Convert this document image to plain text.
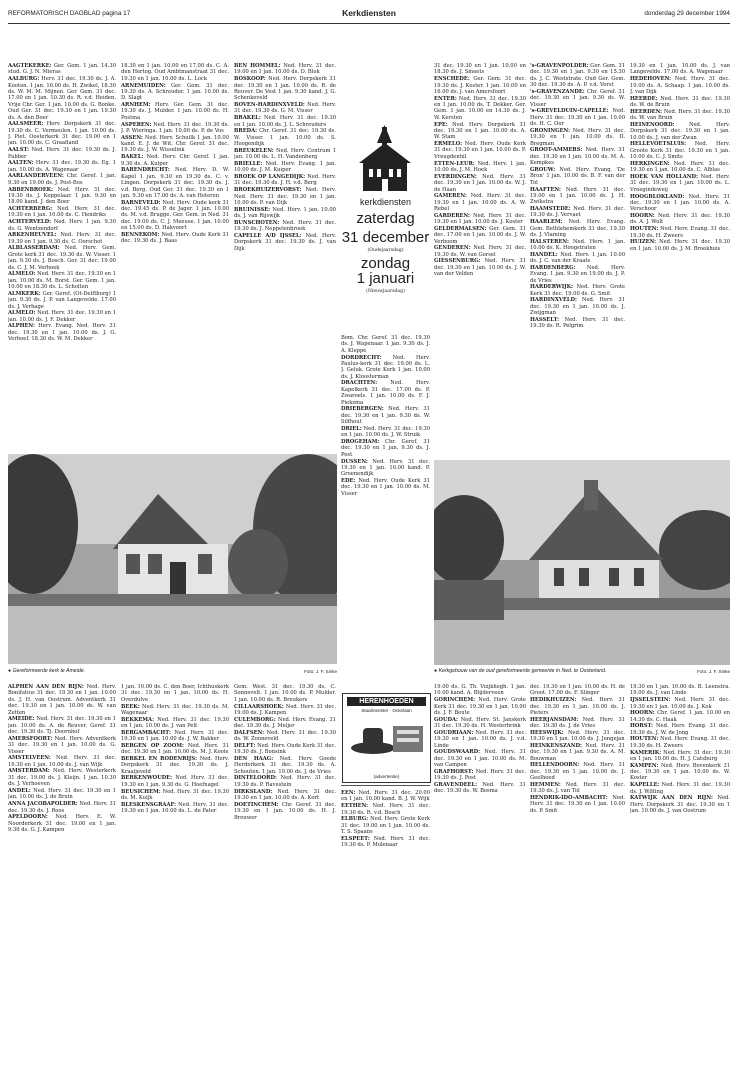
REFORMATORISCH DAGBLAD pagina 17	Kerkdiensten	donderdag 29 december 1994

AAGTEKERKE: Ger. Gem. 1 jan. 14.30 stud. G. J. N. Mieras

AALBURG: Herv. 31 dec. 19.30 ds. J. A. Kooten. 1 jan. 10.00 ds. H. Zwikel, 18.30 ds. W. M. M. Mijnen. Ger. Gem. 31 dec. 17.00 en 1 jan. 10.30 ds. R. v.d. Heiden. Vrije Chr. Ger. 1 jan. 10.00 ds. G. Bonke. Oud Ger. 31 dec. 19.30 en 1 jan. 19.30 ds. A. den Boer

AALSMEER: Herv. Dorpskerk 31 dec. 19.30 ds. C. Vermeulen. 1 jan. 10.00 ds. J. Piet. Oosterkerk 31 dec. 19.00 en 1 jan. 10.00 ds. C. Graafland

AALST: Ned. Herv. 31 dec. 19.30 ds. J. Fabber

AALTEN: Herv. 31 dec. 19.30 ds. Eg. 1 jan. 10.00 ds. A. Wagenaar

AARLANDERVEEN: Chr. Geref. 1 jan. 9.30 en 19.00 ds. J. Post-Bos

ABBENBROEK: Ned. Herv. 31 dec. 19.30 ds. J. Koppelaar. 1 jan. 9.30 en 18.00 kand. J. den Boer

ACHTERBERG: Ned. Herv. 31 dec. 19.30 en 1 jan. 10.00 ds. C. Hendriks

ACHTERVELD: Ned. Herv. 1 jan. 9.30 ds. G. Wentzendorf

ARKENHEUVEL: Ned. Herv. 31 dec. 19.30 en 1 jan. 9.30 ds. C. Oorschot

ALBLASSERDAM: Ned. Herv. Gem. Grote kerk 31 dec. 19.30 ds. W. Visser. 1 jan. 9.30 ds. J. Bosch. Ger. 31 dec. 19.00 ds. C. J. M. Verhoek

ALMELO: Ned. Herv. 31 dec. 19.30 en 1 jan. 10.00 ds. M. Borst. Ger. Gem. 1 jan. 10.00 en 18.30 ds. L. Scholten

ALMKERK: Ger. Geref. (Ot-Delftburg) 1 jan. 9.30 ds. J. P. van Langevelde. 17.00 ds. J. Verhage

ALMELO: Ned. Herv. 31 dec. 19.30 en 1 jan. 10.00 ds. J. F. Dekker

ALPHEN: Herv. Evang. Ned. Herv. 31 dec. 19.30 en 1 jan. 10.00 ds. J. G. Verhoef. 18.30 ds. W. M. Dekker

18.30 en 1 jan. 10.00 en 17.00 ds. C. A. den Hertog. Oud Ambtmanstraat 31 dec. 19.30 en 1 jan. 10.00 ds. L. Lock

ARNEMUIDEN: Ger. Gem. 31 dec. 19.30 ds. A. Schreuder. 1 jan. 10.00 ds. D. Slagt

ARNHEM: Herv. Ger. Gem. 31 dec. 19.30 ds. J. Mulder. 1 jan. 10.00 ds. H. Postma

ASPEREN: Ned. Herv. 31 dec. 19.30 ds. J. P. Wieringa. 1 jan. 10.00 ds. P. de Vos

ASSEN: Ned. Herv. Schuilk 1 jan. 10.00 kand. E. J. de Wit. Chr. Geref. 31 dec. 19.30 ds. J. W. Wisselink

BAKEL: Ned. Herv. Chr. Geref. 1 jan. 9.30 ds. A. Kuiper

BARENDRECHT: Ned. Herv. D. W. Kapel 1 jan. 9.30 en 19.30 ds. C. v. Lingen. Dorpskerk 31 dec. 19.30 ds. J. v.d. Berg. Oud Ger. 31 dec. 19.30 en 1 jan. 9.30 en 17.00 ds. A. van Heteren

BARNEVELD: Ned. Herv. Oude kerk 31 dec. 19.45 ds. P. de Jager. 1 jan. 10.00 ds. M. v.d. Brugge. Ger. Gem. in Ned. 31 dec. 19.00 ds. C. J. Meeuse. 1 jan. 10.00 en 15.00 ds. D. Hakvoort

BENNEKOM: Ned. Herv. Oude Kerk 31 dec. 19.30 ds. J. Baas

BEN HOMMEL: Ned. Herv. 31 dec. 19.00 en 1 jan. 10.00 ds. D. Blok

BOSKOOP: Ned. Herv. Dorpskerk 31 dec. 19.30 en 1 jan. 10.00 ds. R. de Reuver. De Vest 1 jan. 9.30 kand. J. G. Schenkeveld

BOVEN-HARDINXVELD: Ned. Herv. 31 dec. 19.30 ds. G. M. Visser

BRAKEL: Ned. Herv. 31 dec. 19.30 en 1 jan. 10.00 ds. J. L. Schreuders

BREDA: Chr. Geref. 31 dec. 19.30 ds. W. Visser. 1 jan. 10.00 ds. S. Hoogendijk

BREUKELEN: Ned. Herv. Centrum 1 jan. 10.00 ds. L. H. Vandenberg

BRIELLE: Ned. Herv. Evang. 1 jan. 10.00 ds. J. M. Kuiper

BROEK OP LANGEDIJK: Ned. Herv. 31 dec. 19.30 ds. J. H. v.d. Berg

BROEKHUIZERVORST: Ned. Herv. Ned. Herv. 31 dec. 19.30 en 1 jan. 10.00 ds. P. van Dijk

BRUINISSE: Ned. Herv. 1 jan. 10.00 ds. J. van Rijswijk

BUNSCHOTEN: Ned. Herv. 31 dec. 19.30 ds. J. Neppelenbroek

CAPELLE A/D IJSSEL: Ned. Herv. Dorpskerk 31 dec. 19.30 ds. J. van Dijk

Bom. Chr. Geref. 31 dec. 19.30 ds. J. Wapenaar. 1 jan. 9.30 ds. J. A. Kleppe

DORDRECHT: Ned. Herv. Paulus-kerk 31 dec. 19.00 ds. L. J. Geluk. Grote Kerk 1 jan. 10.00 ds. J. Kloosterman

DRACHTEN:	Ned. Herv. Kapelkerk 31 dec. 17.00 ds. P. Zwaroels. 1 jan. 10.00 ds. F. J. Pieksma

DRIEBERGEN: Ned. Herv. 31 dec. 19.30 en 1 jan. 9.30 ds. W. Silfhout

DRIEL: Ned. Herv. 31 dec. 19.30 en 1 jan. 10.00 ds. J. W. Struik

DROGEHAM: Chr. Geref. 31 dec. 19.30 en 1 jan. 9.30 ds. J. Post

DUSSEN: Ned. Herv. 31 dec. 19.30 en 1 jan. 10.00 kand. P. Groenendijk

EDE: Ned. Herv. Oude Kerk 31 dec. 19.30 en 1 jan. 10.00 ds. M. Visser

31 dec. 19.30 en 1 jan. 10.00 en 18.30 ds. J. Smeets

ENSCHEDE: Ger. Gem. 31 dec. 19.30 ds. J. Koster. 1 jan. 10.00 en 16.00 ds. J. van Amersfoort

ENTER: Ned. Herv. 31 dec. 19.30 en 1 jan. 10.00 ds. T. Dekker. Ger. Gem. 1 jan. 10.00 en 14.30 ds. J. W. Kersten

EPE: Ned. Herv. Dorpskerk 31 dec. 19.30 en 1 jan. 10.00 ds. A. W. Stam

ERMELO: Ned. Herv. Oude Kerk 31 dec. 19.30 en 1 jan. 10.00 ds. P. Vreugdenhil

ETTEN-LEUR: Ned. Herv. 1 jan. 10.00 ds. J. M. Hoek

EVERDINGEN: Ned. Herv. 31 dec. 19.30 en 1 jan. 10.00 ds. W. J. de Haan

GAMEREN: Ned. Herv. 31 dec. 19.30 en 1 jan. 10.00 ds. A. W. Rebel

GARDEREN: Ned. Herv. 31 dec. 19.30 en 1 jan. 10.00 ds. J. Koster

GELDERMALSEN: Ger. Gem. 31 dec. 17.00 en 1 jan. 10.00 ds. J. W. Verboom

GENDEREN: Ned. Herv. 31 dec. 19.30 ds. W. van Gorsel

GIESSENBURG: Ned. Herv. 31 dec. 19.30 en 1 jan. 10.00 ds. J. W. van der Velden

's-GRAVENPOLDER: Ger. Gem. 31 dec. 19.30 en 1 jan. 9.30 en 15.30 ds. J. C. Weststrate. Oud Ger. Gem. 30 dec. 19.30 ds. A. P. v.d. Vorst

's-GRAVENZANDE: Chr. Geref. 31 dec. 19.30 en 1 jan. 9.30 ds. W. Visser

's-GREVELDUIN-CAPELLE: Ned. Herv. 31 dec. 19.30 en 1 jan. 10.00 ds. H. C. Oor

GRONINGEN: Ned. Herv. 31 dec. 19.30 en 1 jan. 10.00 ds. D. Bregman

GROOT-AMMERS: Ned. Herv. 31 dec. 19.30 en 1 jan. 10.00 ds. M. A. Kempkes

GROUW: Ned. Herv. Evang. 'De Bron' 1 jan. 10.00 ds. B. F. van der Tol

HAAFTEN: Ned. Herv. 31 dec. 19.00 en 1 jan. 10.00 ds. J. H. Zwikstra

HAAMSTEDE: Ned. Herv. 31 dec. 19.30 ds. J. Vervaet

HAARLEM: Ned. Herv. Evang. Gem. Bethlehemkerk 31 dec. 19.30 ds. J. Vlaming

HALSTEREN: Ned. Herv. 1 jan. 10.00 ds. K. Hoogstraten

HANDEL: Ned. Herv. 1 jan. 10.00 ds. J. C. van der Kraats

HARDENBERG: Ned. Herv. Evang. 1 jan. 9.30 en 19.00 ds. J. P. de Vries

HARDERWIJK: Ned. Herv. Grote Kerk 31 dec. 19.00 ds. G. Smit

HARDINXVELD: Ned. Herv. 31 dec. 19.30 en 1 jan. 10.00 ds. J. Zwijgman

HASSELT: Ned. Herv. 31 dec. 19.30 ds. R. Pelgrim

19.30 en 1 jan. 10.00 ds. J. van Langevelde. 17.00 ds. A. Wagenaar

HEDEHOVEN: Ned. Herv. 31 dec. 19.00 ds. A. Schaap. 1 jan. 10.00 ds. J. van Dijk

HEERDE: Ned. Herv. 31 dec. 19.30 ds. W. de Bruin

HEERDEN: Ned. Herv. 31 dec. 19.30 ds. W. van Bruin

HEINENOORD:	Ned. Herv. Dorpskerk 31 dec. 19.30 en 1 jan. 10.00 ds. J. van der Zwan

HELLEVOETSLUIS: Ned. Herv. Groote Kerk 31 dec. 19.30 en 1 jan. 10.00 ds. C. J. Smits

HERKINGEN: Ned. Herv. 31 dec. 19.30 en 1 jan. 10.00 ds. C. Alblas

HOEK VAN HOLLAND: Ned. Herv. 31 dec. 19.30 en 1 jan. 10.00 ds. L. Vroegindeweij

HOOGBLOKLAND: Ned. Herv. 31 dec. 19.30 en 1 jan. 10.00 ds. A. Verschoor

HOORN: Ned. Herv. 31 dec. 19.30 ds. A. J. Wolt

HOUTEN: Ned. Herv. Evang. 31 dec. 19.30 ds. H. Zweers

HUIZEN: Ned. Herv. 31 dec. 19.30 en 1 jan. 10.00 ds. J. M. Broekhuis

kerkdiensten
zaterdag
31 december
(Oudejaarsdag)
zondag
1 januari
(Nieuwjaarsdag)
● Gereformeerde kerk te Ameide.	Foto: J. F. Sinke	● Kerkgebouw van de oud gereformeerde gemeente in Ned. te Oosterland.	Foto: J. F. Sinke

ALPHEN AAN DEN RIJN: Ned. Herv. Bonifatius 31 dec. 19.30 en 1 jan. 10.00 ds. J. H. van Oostrum. Adventkerk 31 dec. 19.30 en 1 jan. 10.00 ds. W. van Zetten

AMEIDE: Ned. Herv. 31 dec. 19.30 en 1 jan. 10.00 ds. A. de Reuver. Geref. 31 dec. 19.30 ds. Tj. Doornhof

AMERSFOORT: Ned. Herv. Adventkerk 31 dec. 19.30 en 1 jan. 10.00 ds. G. Visser

AMSTELVEEN: Ned. Herv. 31 dec. 19.30 en 1 jan. 10.00 ds. J. van Wijk

AMSTERDAM: Ned. Herv. Westerkerk 31 dec. 19.00 ds. J. Kleijn. 1 jan. 10.30 ds. J. Verhoeven

ANDEL: Ned. Herv. 31 dec. 19.30 en 1 jan. 10.00 ds. J. de Bruin

ANNA JACOBAPOLDER: Ned. Herv. 31 dec. 19.30 ds. J. Roos

APELDOORN: Ned. Herv. E. W. Noorderkerk 31 dec. 19.00 en 1 jan. 9.30 ds. G. J. Kampen

1 jan. 10.00 ds. C. den Boer, Ichthuskerk 31 dec. 19.30 en 1 jan. 10.00 ds. H. Overdulve

BEEK: Ned. Herv. 31 dec. 19.30 ds. M. Wagenaar

BEKKEMA: Ned. Herv. 31 dec. 19.30 en 1 jan. 10.00 ds. J. van Pelt

BERGAMBACHT: Ned. Herv. 31 dec. 19.30 en 1 jan. 10.00 ds. J. W. Bakker

BERGEN OP ZOOM: Ned. Herv. 31 dec. 19.30 en 1 jan. 10.00 ds. M. J. Koole

BERKEL EN RODENRIJS: Ned. Herv. Dorpskerk 31 dec. 19.30 ds. J. Kraaijeveld

BERKENWOUDE: Ned. Herv. 31 dec. 19.30 en 1 jan. 9.30 ds. G. Hoefnagel

BEUSICHEM: Ned. Herv. 31 dec. 19.30 ds. M. Kuijk

BLESKENSGRAAF: Ned. Herv. 31 dec. 19.30 en 1 jan. 10.00 ds. L. de Pater

Gem. West. 31 dec. 19.30 ds. C. Sonnevelt. 1 jan. 10.00 ds. P. Mulder. 1 jan. 10.00 ds. R. Breukers

CILLAARSHOEK: Ned. Herv. 31 dec. 19.00 ds. J. Kampen

CULEMBORG: Ned. Herv. Evang. 31 dec. 19.30 ds. J. Meijer

DALFSEN: Ned. Herv. 31 dec. 19.30 ds. W. Zonneveld

DELFT: Ned. Herv. Oude Kerk 31 dec. 19.30 ds. J. Bonsink

DEN HAAG: Ned. Herv. Goede Herderkerk 31 dec. 19.30 ds. A. Schouten. 1 jan. 10.00 ds. J. de Vries

DINTELOORD: Ned. Herv. 31 dec. 19.30 ds. P. Ravestein

DIRKSLAND: Ned. Herv. 31 dec. 19.30 en 1 jan. 10.00 ds. A. Kort

DOETINCHEM: Chr. Geref. 31 dec. 19.30 en 1 jan. 10.00 ds. H. J. Brouwer

EEN: Ned. Herv. 31 dec. 20.00 en 1 jan. 10.00 kand. B. J. W. Wijk

EETHEN: Ned. Herv. 31 dec. 19.30 ds. R. v.d. Bosch

ELBURG: Ned. Herv. Grote Kerk 31 dec. 19.00 en 1 jan. 10.00 ds. T. S. Spaans

ELSPEET: Ned. Herv. 31 dec. 19.30 ds. P. Molenaar

19.00 ds. G. Th. Vuijkhegh. 1 jan. 10.00 kand. A. Blijderveen

GORINCHEM: Ned. Herv. Grote Kerk 31 dec. 19.30 en 1 jan. 10.00 ds. J. F. Beute

GOUDA: Ned. Herv. St. Janskerk 31 dec. 19.30 ds. H. Westerbrink

GOUDRIAAN: Ned. Herv. 31 dec. 19.30 en 1 jan. 10.00 ds. J. v.d. Linde

GOUDSWAARD: Ned. Herv. 31 dec. 19.30 en 1 jan. 10.00 ds. M. van Campen

GRAFHORST: Ned. Herv. 31 dec. 19.30 ds. J. Post

GRAVENDEEL: Ned. Herv. 31 dec. 19.30 ds. W. Bosma

dec. 19.30 en 1 jan. 10.00 ds. H. de Groot. 17.00 ds. F. Slinger

HEDIKHUIZEN: Ned. Herv. 31 dec. 19.30 en 1 jan. 10.00 ds. J. Pieters

HEERJANSDAM: Ned. Herv. 31 dec. 19.30 ds. J. de Vries

HEESWIJK: Ned. Herv. 31 dec. 19.30 en 1 jan. 10.00 ds. J. Jongejan

HEINKENSZAND: Ned. Herv. 31 dec. 19.30 en 1 jan. 9.30 ds. A. M. Bouwman

HELLENDOORN: Ned. Herv. 31 dec. 19.30 en 1 jan. 10.00 ds. J. Geelhoed

HEMMEN: Ned. Herv. 31 dec. 19.30 ds. J. van Tol

HENDRIK-IDO-AMBACHT: Ned. Herv. 31 dec. 19.30 en 1 jan. 10.00 ds. P. Smit

19.30 en 1 jan. 10.00 ds. B. Leenstra. 19.00 ds. J. van Linde

IJSSELSTEIN: Ned. Herv. 31 dec. 19.30 en 1 jan. 10.00 ds. J. Kok

HOORN: Chr. Geref. 1 jan. 10.00 en 14.30 ds. C. Haak

HORST: Ned. Herv. Evang. 31 dec. 19.30 ds. J. W. de Jong

HOUTEN: Ned. Herv. Evang. 31 dec. 19.30 ds. H. Zweers

KAMERIK: Ned. Herv. 31 dec. 19.30 en 1 jan. 10.00 ds. H. J. Catsburg

KAMPEN: Ned. Herv. Bovenkerk 31 dec. 19.30 en 1 jan. 10.00 ds. W. Koster

KAPELLE: Ned. Herv. 31 dec. 19.30 ds. J. Wilting

KATWIJK AAN DEN RIJN: Ned. Herv. Dorpskerk 31 dec. 19.30 en 1 jan. 10.00 ds. J. van Oostrum

HERENHOEDEN
Staalmeester · Ockelaan
(advertentie)
